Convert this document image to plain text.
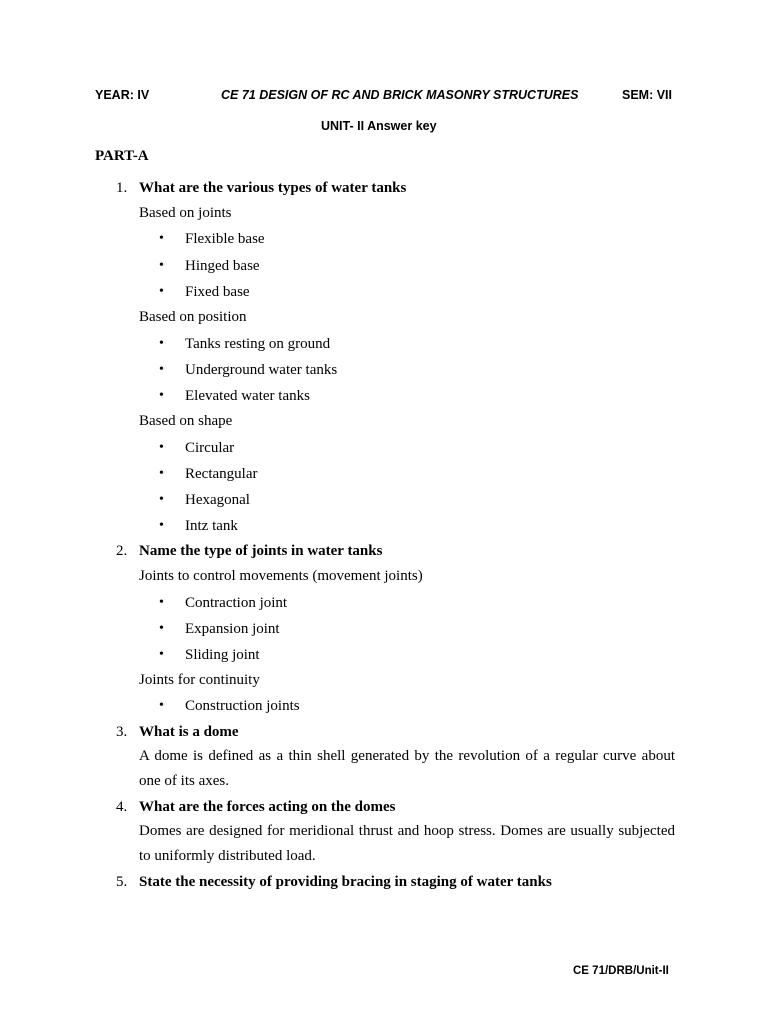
YEAR: IV	CE 71 DESIGN OF RC AND BRICK MASONRY STRUCTURES	SEM: VII
UNIT- II Answer key
PART-A
1. What are the various types of water tanks
Based on joints
• Flexible base
• Hinged base
• Fixed base
Based on position
• Tanks resting on ground
• Underground water tanks
• Elevated water tanks
Based on shape
• Circular
• Rectangular
• Hexagonal
• Intz tank
2. Name the type of joints in water tanks
Joints to control movements (movement joints)
• Contraction joint
• Expansion joint
• Sliding joint
Joints for continuity
• Construction joints
3. What is a dome
A dome is defined as a thin shell generated by the revolution of a regular curve about one of its axes.
4. What are the forces acting on the domes
Domes are designed for meridional thrust and hoop stress. Domes are usually subjected to uniformly distributed load.
5. State the necessity of providing bracing in staging of water tanks
CE 71/DRB/Unit-II
